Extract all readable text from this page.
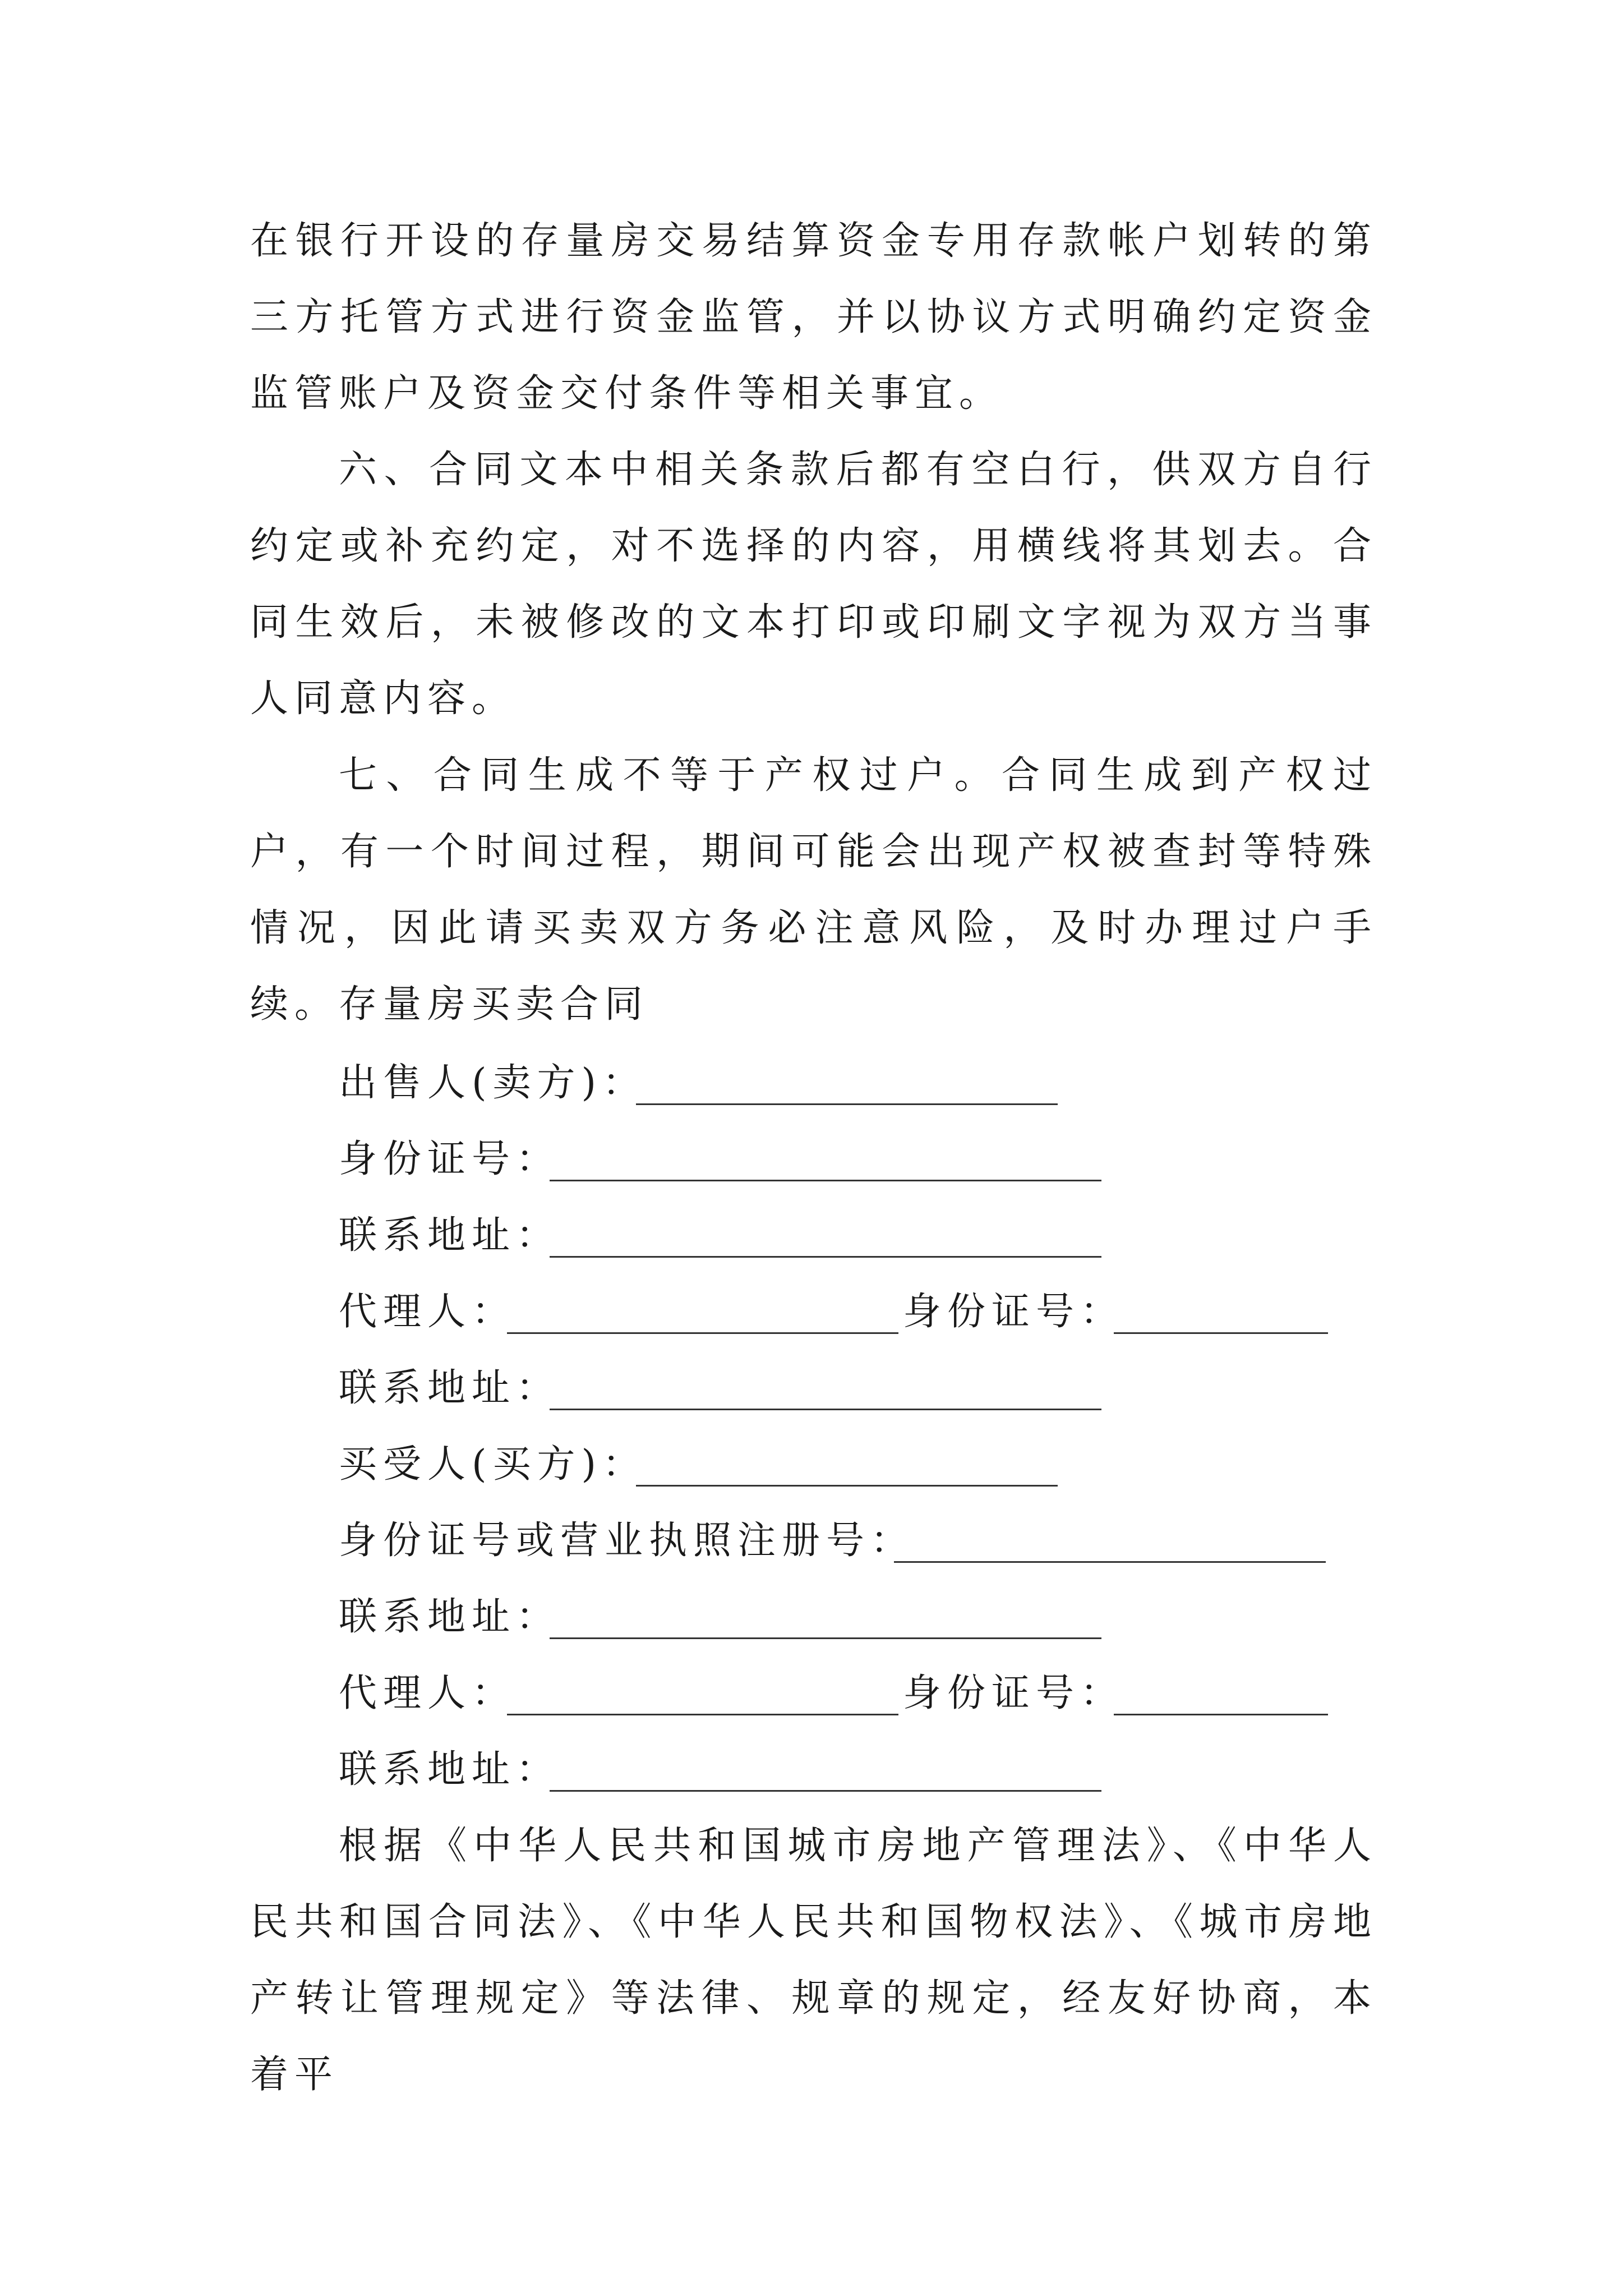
在银行开设的存量房交易结算资金专用存款帐户划转的第三方托管方式进行资金监管，并以协议方式明确约定资金监管账户及资金交付条件等相关事宜。

六、合同文本中相关条款后都有空白行，供双方自行约定或补充约定，对不选择的内容，用横线将其划去。合同生效后，未被修改的文本打印或印刷文字视为双方当事人同意内容。

七、合同生成不等于产权过户。合同生成到产权过户，有一个时间过程，期间可能会出现产权被查封等特殊情况，因此请买卖双方务必注意风险，及时办理过户手续。存量房买卖合同

出售人(卖方)：
身份证号：
联系地址：
代理人：	身份证号：
联系地址：
买受人(买方)：
身份证号或营业执照注册号：
联系地址：
代理人：	身份证号：
联系地址：

根据《中华人民共和国城市房地产管理法》、《中华人民共和国合同法》、《中华人民共和国物权法》、《城市房地产转让管理规定》等法律、规章的规定，经友好协商，本着平
